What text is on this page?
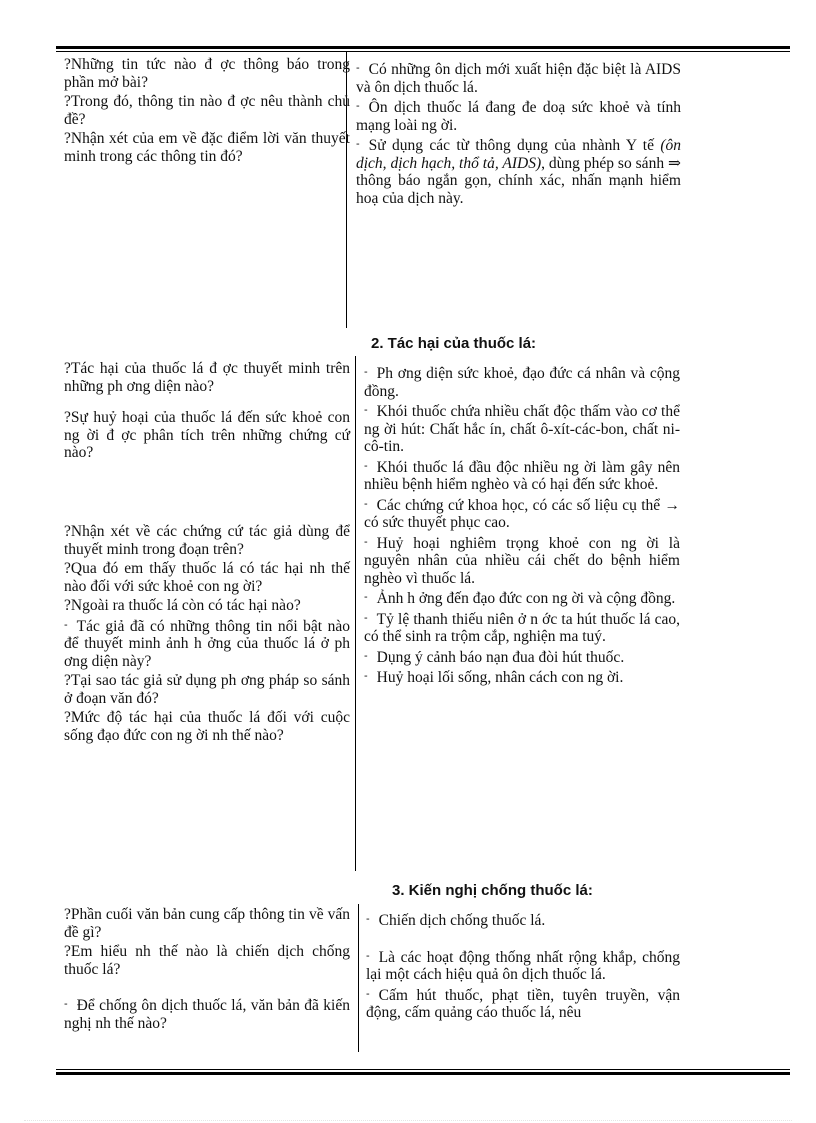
?Những tin tức nào đ ợc thông báo trong phần mở bài?

?Trong đó, thông tin nào đ ợc nêu thành chủ đề?

?Nhận xét của em về đặc điểm lời văn thuyết minh trong các thông tin đó?

- Có những ôn dịch mới xuất hiện đặc biệt là AIDS và ôn dịch thuốc lá.

- Ôn dịch thuốc lá đang đe doạ sức khoẻ và tính mạng loài ng ời.

- Sử dụng các từ thông dụng của nhành Y tế (ôn dịch, dịch hạch, thổ tả, AIDS), dùng phép so sánh ⇒ thông báo ngắn gọn, chính xác, nhấn mạnh hiểm hoạ của dịch này.

2. Tác hại của thuốc lá:

?Tác hại của thuốc lá đ ợc thuyết minh trên những ph ơng diện nào?

?Sự huỷ hoại của thuốc lá đến sức khoẻ con ng ời đ ợc phân tích trên những chứng cứ nào?

?Nhận xét về các chứng cứ tác giả dùng để thuyết minh trong đoạn trên?

?Qua đó em thấy thuốc lá có tác hại nh thế nào đối với sức khoẻ con ng ời?

?Ngoài ra thuốc lá còn có tác hại nào?

- Tác giả đã có những thông tin nổi bật nào để thuyết minh ảnh h ởng của thuốc lá ở ph ơng diện này?

?Tại sao tác giả sử dụng ph ơng pháp so sánh ở đoạn văn đó?

?Mức độ tác hại của thuốc lá đối với cuộc sống đạo đức con ng ời nh thế nào?

- Ph ơng diện sức khoẻ, đạo đức cá nhân và cộng đồng.

- Khói thuốc chứa nhiều chất độc thấm vào cơ thể ng ời hút: Chất hắc ín, chất ô-xít-các-bon, chất ni-cô-tin.

- Khói thuốc lá đầu độc nhiều ng ời làm gây nên nhiều bệnh hiểm nghèo và có hại đến sức khoẻ.

- Các chứng cứ khoa học, có các số liệu cụ thể → có sức thuyết phục cao.

- Huỷ hoại nghiêm trọng khoẻ con ng ời là nguyên nhân của nhiều cái chết do bệnh hiểm nghèo vì thuốc lá.

- Ảnh h ởng đến đạo đức con ng ời và cộng đồng.

- Tỷ lệ thanh thiếu niên ở n ớc ta hút thuốc lá cao, có thể sinh ra trộm cắp, nghiện ma tuý.

- Dụng ý cảnh báo nạn đua đòi hút thuốc.

- Huỷ hoại lối sống, nhân cách con ng ời.

3. Kiến nghị chống thuốc lá:

?Phần cuối văn bản cung cấp thông tin về vấn đề gì?

?Em hiểu nh thế nào là chiến dịch chống thuốc lá?

- Để chống ôn dịch thuốc lá, văn bản đã kiến nghị nh thế nào?

- Chiến dịch chống thuốc lá.

- Là các hoạt động thống nhất rộng khắp, chống lại một cách hiệu quả ôn dịch thuốc lá.

- Cấm hút thuốc, phạt tiền, tuyên truyền, vận động, cấm quảng cáo thuốc lá, nêu
